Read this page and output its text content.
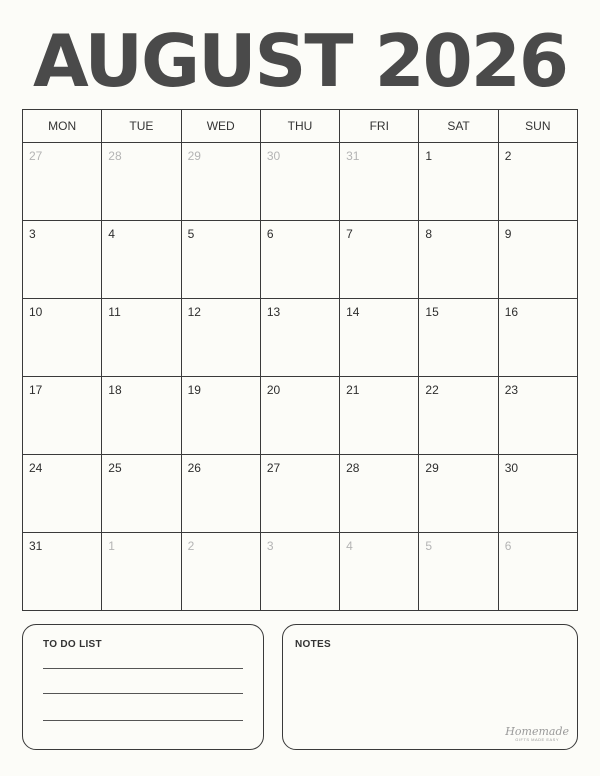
AUGUST 2026
MON	TUE	WED	THU	FRI	SAT	SUN

27	28	29	30	31	1	2

3	4	5	6	7	8	9

10	11	12	13	14	15	16

17	18	19	20	21	22	23

24	25	26	27	28	29	30

31	1	2	3	4	5	6
TO DO LIST	NOTES
Homemade
GIFTS MADE EASY
